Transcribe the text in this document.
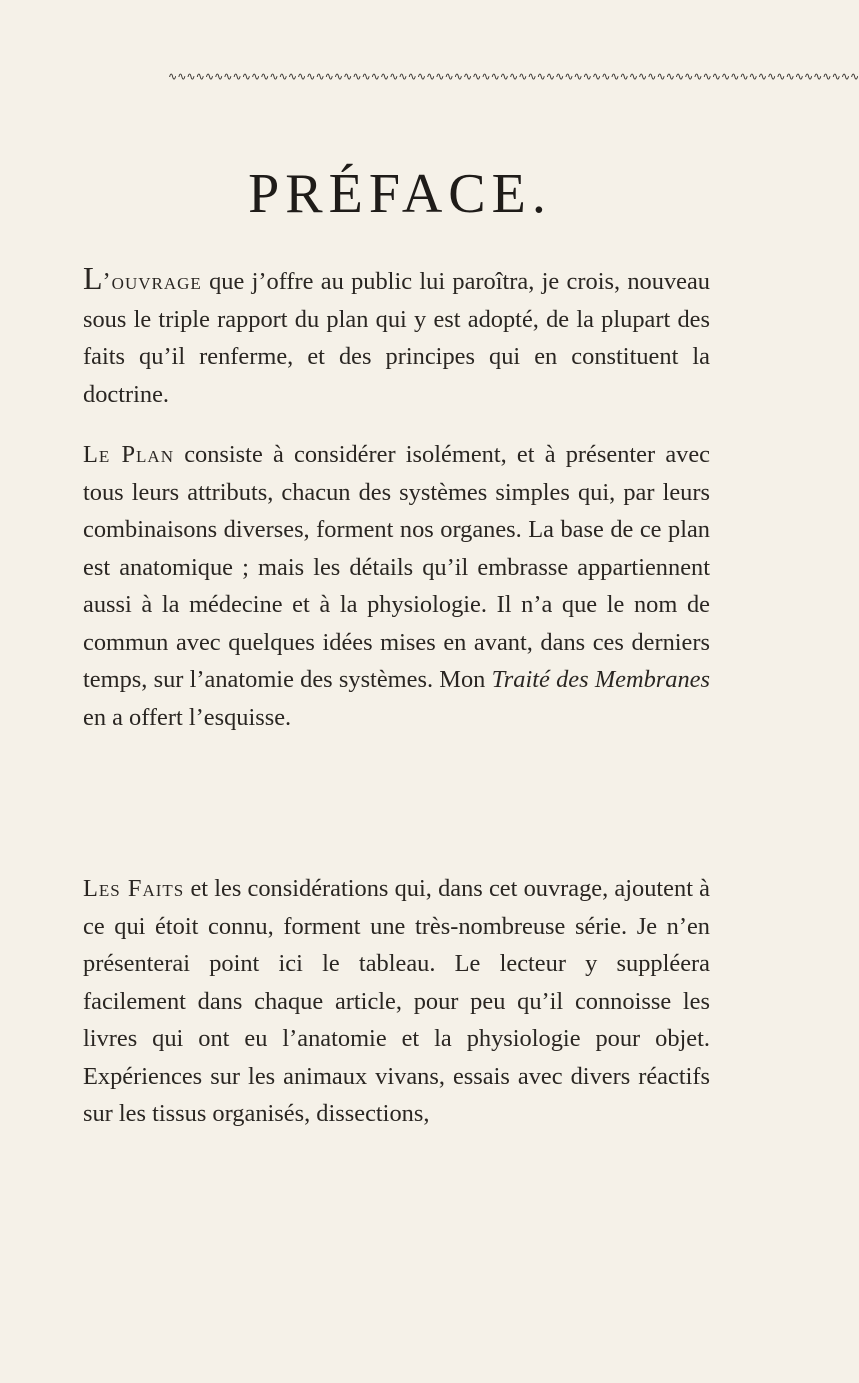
∿∿∿∿∿∿∿∿∿∿∿∿∿∿∿∿∿∿∿∿∿∿∿∿∿∿∿∿∿∿∿∿∿∿∿∿∿∿∿∿∿∿∿∿∿∿∿∿∿∿∿∿∿∿∿∿∿∿∿∿∿∿∿∿∿∿∿∿∿∿∿∿∿∿∿
PRÉFACE.

L’ouvrage que j’offre au public lui paroîtra, je crois, nouveau sous le triple rapport du plan qui y est adopté, de la plupart des faits qu’il renferme, et des principes qui en constituent la doctrine.

Le Plan consiste à considérer isolément, et à présenter avec tous leurs attributs, chacun des systèmes simples qui, par leurs combinaisons diverses, forment nos organes. La base de ce plan est anatomique ; mais les détails qu’il embrasse appartiennent aussi à la médecine et à la physiologie. Il n’a que le nom de commun avec quelques idées mises en avant, dans ces derniers temps, sur l’anatomie des systèmes. Mon Traité des Membranes en a offert l’esquisse.

Les Faits et les considérations qui, dans cet ouvrage, ajoutent à ce qui étoit connu, forment une très-nombreuse série. Je n’en présenterai point ici le tableau. Le lecteur y suppléera facilement dans chaque article, pour peu qu’il connoisse les livres qui ont eu l’anatomie et la physiologie pour objet. Expériences sur les animaux vivans, essais avec divers réactifs sur les tissus organisés, dissections,
